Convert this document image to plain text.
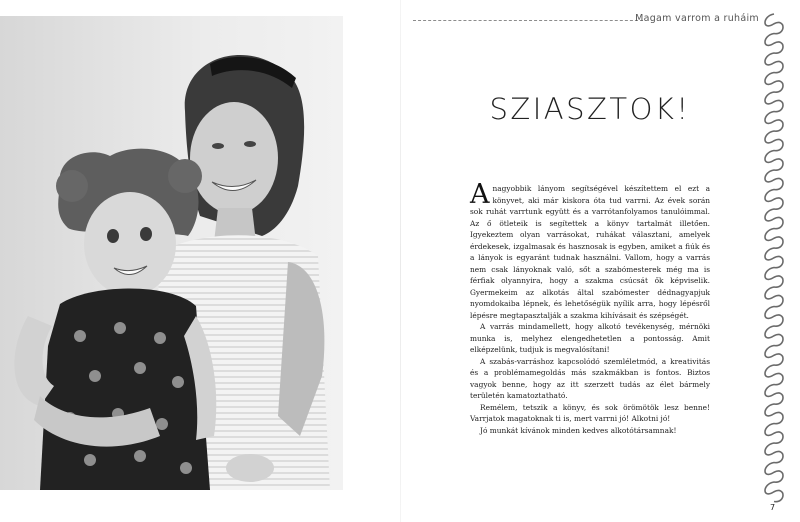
Magam varrom a ruháim
SZIASZTOK!

Anagyobbik lányom segítségével készítettem el ezt a könyvet, aki már kiskora óta tud varrni. Az évek során sok ruhát varrtunk együtt és a varrótanfolyamos tanulóimmal. Az ő ötleteik is segítettek a könyv tartalmát illetően. Igyekeztem olyan varrásokat, ruhákat választani, amelyek érdekesek, izgalmasak és hasznosak is egyben, amiket a fiúk és a lányok is egyaránt tudnak használni. Vallom, hogy a varrás nem csak lányoknak való, sőt a szabómesterek még ma is férfiak olyannyira, hogy a szakma csúcsát ők képviselik. Gyermekeim az alkotás által szabómester dédnagyapjuk nyomdokaiba lépnek, és lehetőségük nyílik arra, hogy lépésről lépésre megtapasztalják a szakma kihívásait és szépségét.

A varrás mindamellett, hogy alkotó tevékenység, mérnöki munka is, melyhez elengedhetetlen a pontosság. Amit elképzelünk, tudjuk is megvalósítani!

A szabás-varráshoz kapcsolódó szemléletmód, a kreativitás és a problémamegoldás más szakmákban is fontos. Biztos vagyok benne, hogy az itt szerzett tudás az élet bármely területén kamatoztatható.

Remélem, tetszik a könyv, és sok örömötök lesz benne! Varrjatok magatoknak ti is, mert varrni jó! Alkotni jó!

Jó munkát kívánok minden kedves alkotótársamnak!

7
